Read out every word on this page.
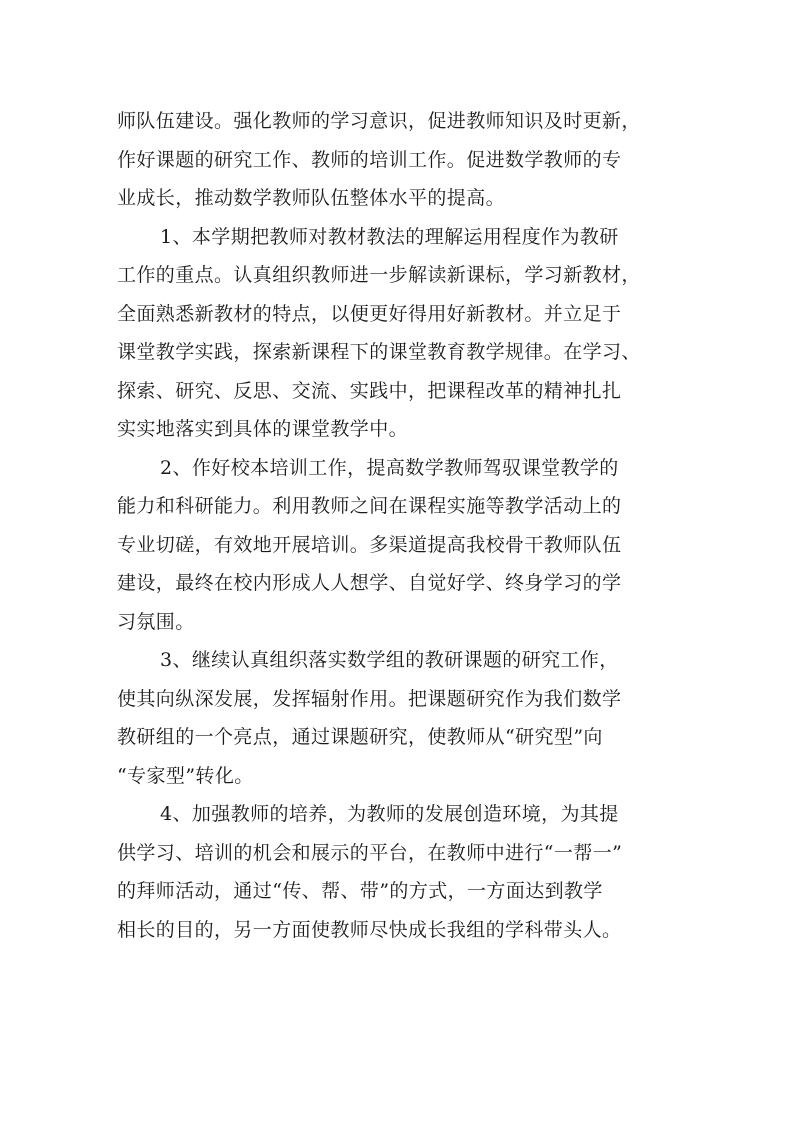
师队伍建设。强化教师的学习意识，促进教师知识及时更新，
作好课题的研究工作、教师的培训工作。促进数学教师的专
业成长，推动数学教师队伍整体水平的提高。
1、本学期把教师对教材教法的理解运用程度作为教研
工作的重点。认真组织教师进一步解读新课标，学习新教材，
全面熟悉新教材的特点，以便更好得用好新教材。并立足于
课堂教学实践，探索新课程下的课堂教育教学规律。在学习、
探索、研究、反思、交流、实践中，把课程改革的精神扎扎
实实地落实到具体的课堂教学中。
2、作好校本培训工作，提高数学教师驾驭课堂教学的
能力和科研能力。利用教师之间在课程实施等教学活动上的
专业切磋，有效地开展培训。多渠道提高我校骨干教师队伍
建设，最终在校内形成人人想学、自觉好学、终身学习的学
习氛围。
3、继续认真组织落实数学组的教研课题的研究工作，
使其向纵深发展，发挥辐射作用。把课题研究作为我们数学
教研组的一个亮点，通过课题研究，使教师从“研究型”向
“专家型”转化。
4、加强教师的培养，为教师的发展创造环境，为其提
供学习、培训的机会和展示的平台，在教师中进行“一帮一”
的拜师活动，通过“传、帮、带”的方式，一方面达到教学
相长的目的，另一方面使教师尽快成长我组的学科带头人。
